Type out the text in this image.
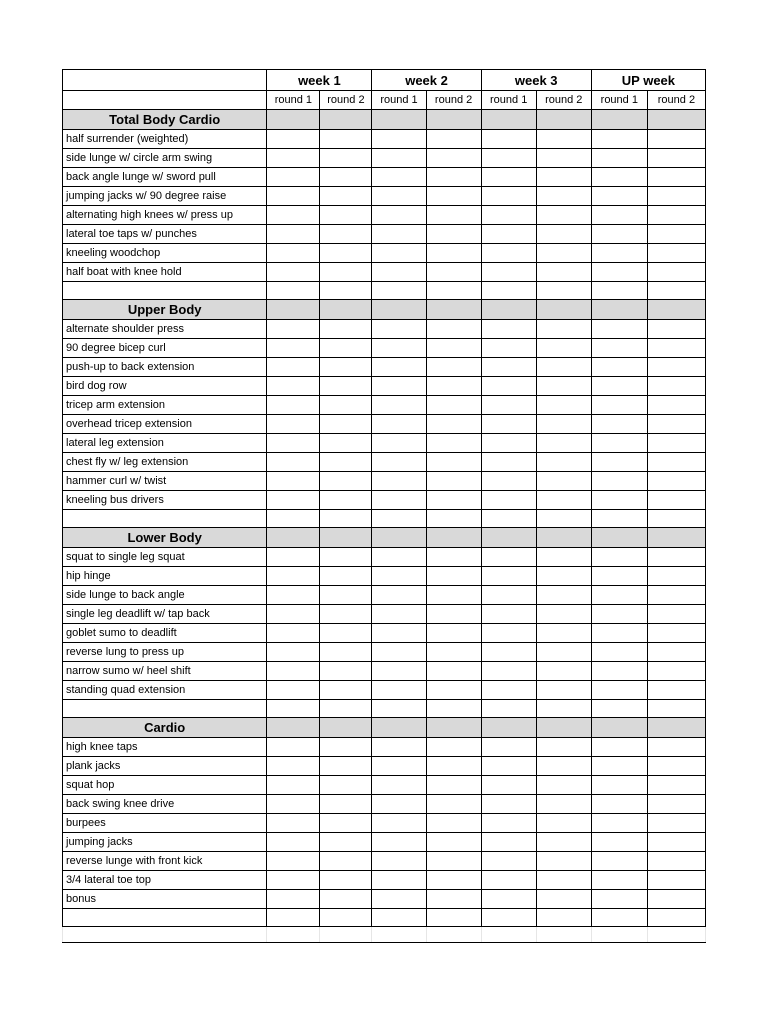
	week 1		week 2		week 3		UP week	
	round 1	round 2	round 1	round 2	round 1	round 2	round 1	round 2
Total Body Cardio								
half surrender (weighted)								
side lunge w/ circle arm swing								
back angle lunge w/ sword pull								
jumping jacks w/ 90 degree raise								
alternating high knees w/ press up								
lateral toe taps w/ punches								
kneeling woodchop								
half boat with knee hold								

Upper Body								
alternate shoulder press								
90 degree bicep curl								
push-up to back extension								
bird dog row								
tricep arm extension								
overhead tricep extension								
lateral leg extension								
chest fly w/ leg extension								
hammer curl w/ twist								
kneeling bus drivers								

Lower Body								
squat to single leg squat								
hip hinge								
side lunge to back angle								
single leg deadlift w/ tap back								
goblet sumo to deadlift								
reverse lung to press up								
narrow sumo w/ heel shift								
standing quad extension								

Cardio								
high knee taps								
plank jacks								
squat hop								
back swing knee drive								
burpees								
jumping jacks								
reverse lunge with front kick								
3/4 lateral toe top								
bonus								
